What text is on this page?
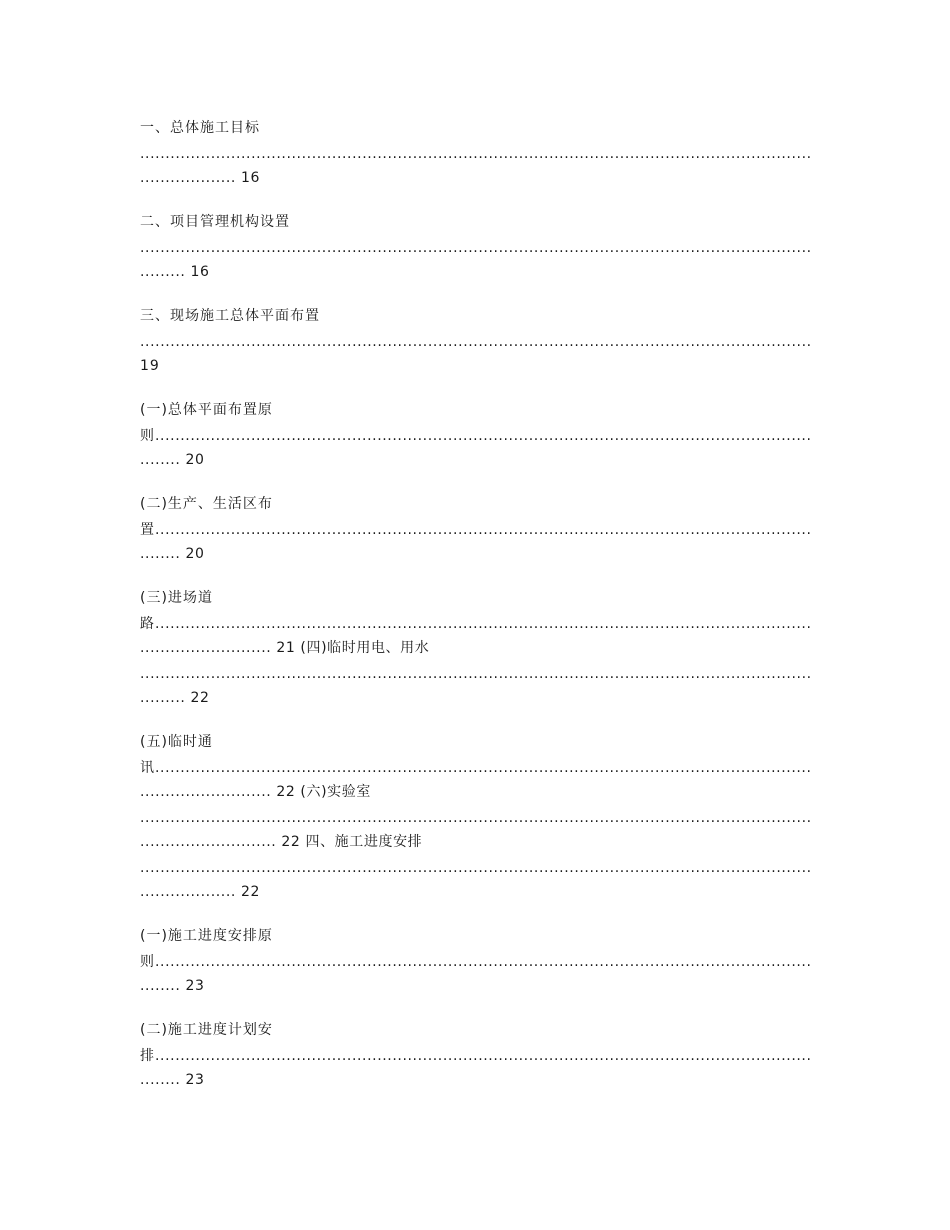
一、总体施工目标
.....
................... 16
二、项目管理机构设置
.....
......... 16
三、现场施工总体平面布置
.....
19
(一)总体平面布置原
则 .....
........ 20
(二)生产、生活区布
置 .....
........ 20
(三)进场道
路 .....
.......................... 21 (四)临时用电、用水
.....
......... 22
(五)临时通
讯 .....
.......................... 22 (六)实验室
.....
........................... 22 四、施工进度安排
.....
................... 22
(一)施工进度安排原
则 .....
........ 23
(二)施工进度计划安
排 .....
........ 23
